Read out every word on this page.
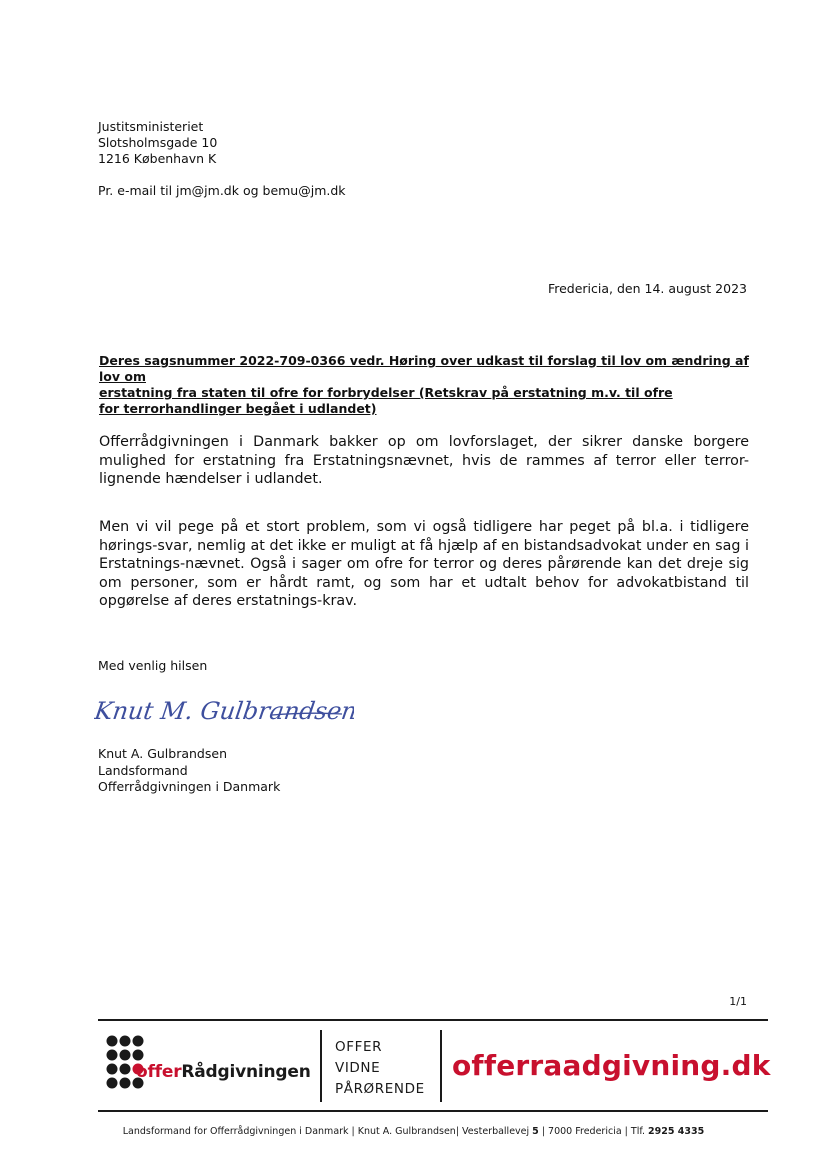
Justitsministeriet
Slotsholmsgade 10
1216 København K
Pr. e-mail til jm@jm.dk og bemu@jm.dk
Fredericia, den 14. august 2023
Deres sagsnummer 2022-709-0366 vedr. Høring over udkast til forslag til lov om ændring af lov om
erstatning fra staten til ofre for forbrydelser (Retskrav på erstatning m.v. til ofre
for terrorhandlinger begået i udlandet)
Offerrådgivningen i Danmark bakker op om lovforslaget, der sikrer danske borgere mulighed for erstatning fra Erstatningsnævnet, hvis de rammes af terror eller terror-lignende hændelser i udlandet.
Men vi vil pege på et stort problem, som vi også tidligere har peget på bl.a. i tidligere hørings-svar, nemlig at det ikke er muligt at få hjælp af en bistandsadvokat under en sag i Erstatnings-nævnet. Også i sager om ofre for terror og deres pårørende kan det dreje sig om personer, som er hårdt ramt, og som har et udtalt behov for advokatbistand til opgørelse af deres erstatnings-krav.
Med venlig hilsen
Knut M. Gulbrandsen
Knut A. Gulbrandsen
Landsformand
Offerrådgivningen i Danmark
1/1
offerRådgivningen
OFFER
VIDNE
PÅRØRENDE
offerraadgivning.dk
Landsformand for Offerrådgivningen i Danmark | Knut A. Gulbrandsen| Vesterballevej 5 | 7000 Fredericia | Tlf. 2925 4335
